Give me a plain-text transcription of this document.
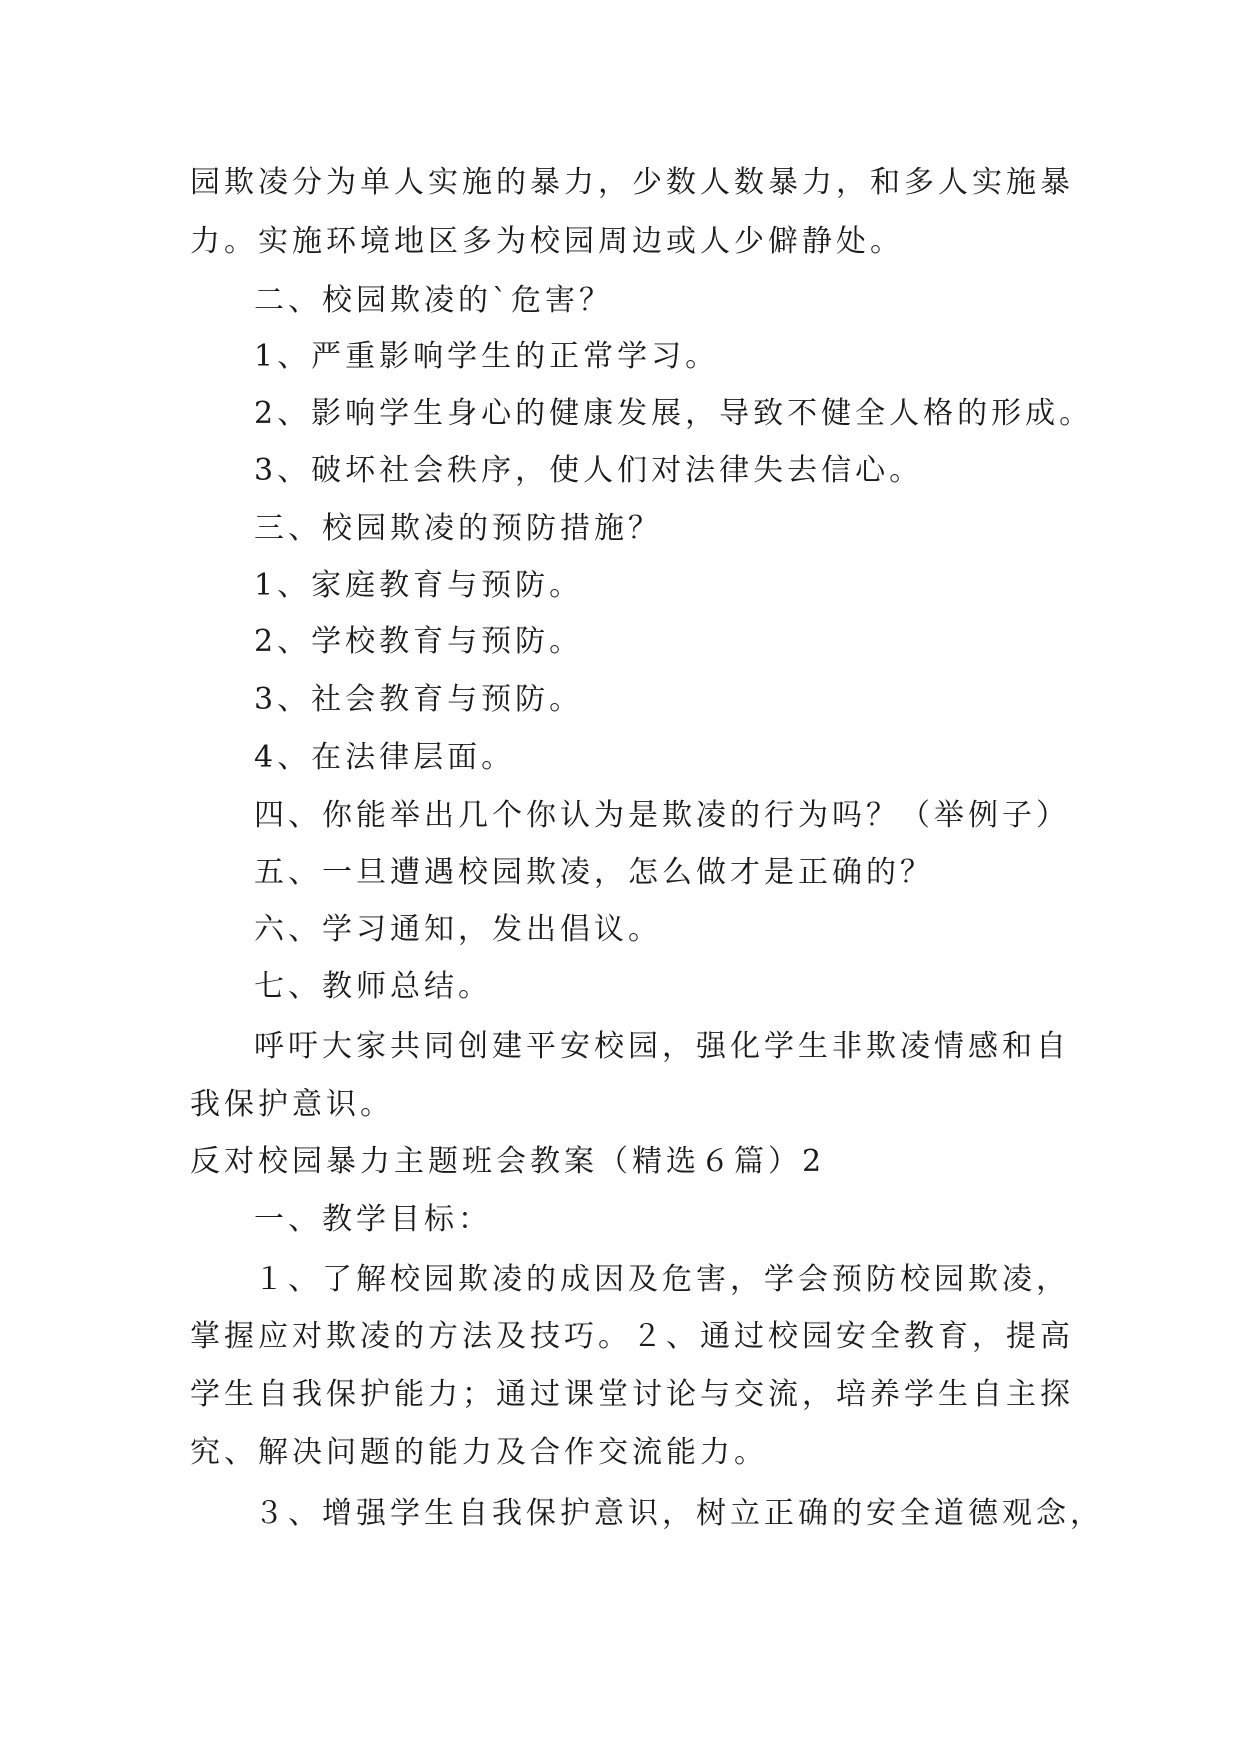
园欺凌分为单人实施的暴力，少数人数暴力，和多人实施暴
力。实施环境地区多为校园周边或人少僻静处。
二、校园欺凌的`危害？
1、严重影响学生的正常学习。
2、影响学生身心的健康发展，导致不健全人格的形成。
3、破坏社会秩序，使人们对法律失去信心。
三、校园欺凌的预防措施？
1、家庭教育与预防。
2、学校教育与预防。
3、社会教育与预防。
4、在法律层面。
四、你能举出几个你认为是欺凌的行为吗？（举例子）
五、一旦遭遇校园欺凌，怎么做才是正确的？
六、学习通知，发出倡议。
七、教师总结。
呼吁大家共同创建平安校园，强化学生非欺凌情感和自
我保护意识。
反对校园暴力主题班会教案（精选６篇）2
一、教学目标：
１、了解校园欺凌的成因及危害，学会预防校园欺凌，
掌握应对欺凌的方法及技巧。２、通过校园安全教育，提高
学生自我保护能力；通过课堂讨论与交流，培养学生自主探
究、解决问题的能力及合作交流能力。
３、增强学生自我保护意识，树立正确的安全道德观念，
